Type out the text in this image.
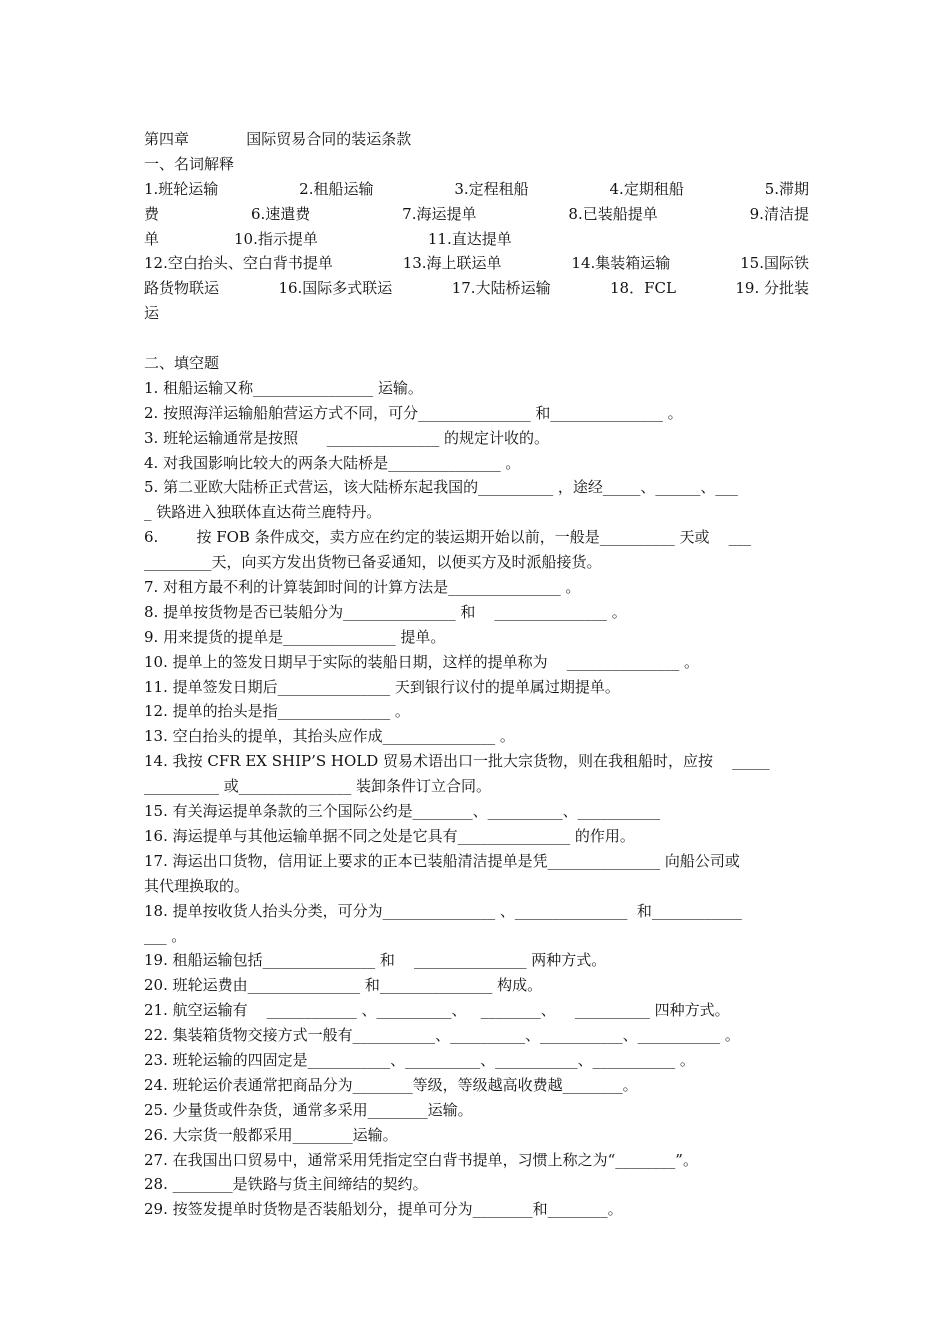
第四章            国际贸易合同的装运条款
一、名词解释
1.班轮运输	2.租船运输	3.定程租船	4.定期租船	5.滞期
费	6.速遣费	7.海运提单	8.已装船提单	9.清洁提
单	10.指示提单	11.直达提单
12.空白抬头、空白背书提单	13.海上联运单	14.集装箱运输	15.国际铁
路货物联运	16.国际多式联运	17.大陆桥运输	18．FCL	19. 分批装
运
二、填空题
1. 租船运输又称________________ 运输。
2. 按照海洋运输船舶营运方式不同，可分_______________ 和_______________ 。
3. 班轮运输通常是按照      _______________ 的规定计收的。
4. 对我国影响比较大的两条大陆桥是_______________ 。
5. 第二亚欧大陆桥正式营运，该大陆桥东起我国的__________ ，途经_____、______、___
_ 铁路进入独联体直达荷兰鹿特丹。
6.        按 FOB 条件成交，卖方应在约定的装运期开始以前，一般是__________ 天或    ___
_________天，向买方发出货物已备妥通知，以便买方及时派船接货。
7. 对租方最不利的计算装卸时间的计算方法是_______________ 。
8. 提单按货物是否已装船分为_______________ 和    _______________ 。
9. 用来提货的提单是_______________ 提单。
10. 提单上的签发日期早于实际的装船日期，这样的提单称为    _______________ 。
11. 提单签发日期后_______________ 天到银行议付的提单属过期提单。
12. 提单的抬头是指_______________ 。
13. 空白抬头的提单，其抬头应作成_______________ 。
14. 我按 CFR EX SHIP’S HOLD 贸易术语出口一批大宗货物，则在我租船时，应按    _____
__________ 或_______________ 装卸条件订立合同。
15. 有关海运提单条款的三个国际公约是________、__________、___________
16. 海运提单与其他运输单据不同之处是它具有_______________ 的作用。
17. 海运出口货物，信用证上要求的正本已装船清洁提单是凭_______________ 向船公司或
其代理换取的。
18. 提单按收货人抬头分类，可分为_______________ 、_______________  和____________
___ 。
19. 租船运输包括_______________ 和    _______________ 两种方式。
20. 班轮运费由_______________ 和_______________ 构成。
21. 航空运输有    ____________ 、__________、   ________、    __________ 四种方式。
22. 集装箱货物交接方式一般有___________、__________、___________、___________ 。
23. 班轮运输的四固定是___________、__________、___________、___________ 。
24. 班轮运价表通常把商品分为________等级，等级越高收费越________。
25. 少量货或件杂货，通常多采用________运输。
26. 大宗货一般都采用________运输。
27. 在我国出口贸易中，通常采用凭指定空白背书提单，习惯上称之为“________”。
28. ________是铁路与货主间缔结的契约。
29. 按签发提单时货物是否装船划分，提单可分为________和________。
